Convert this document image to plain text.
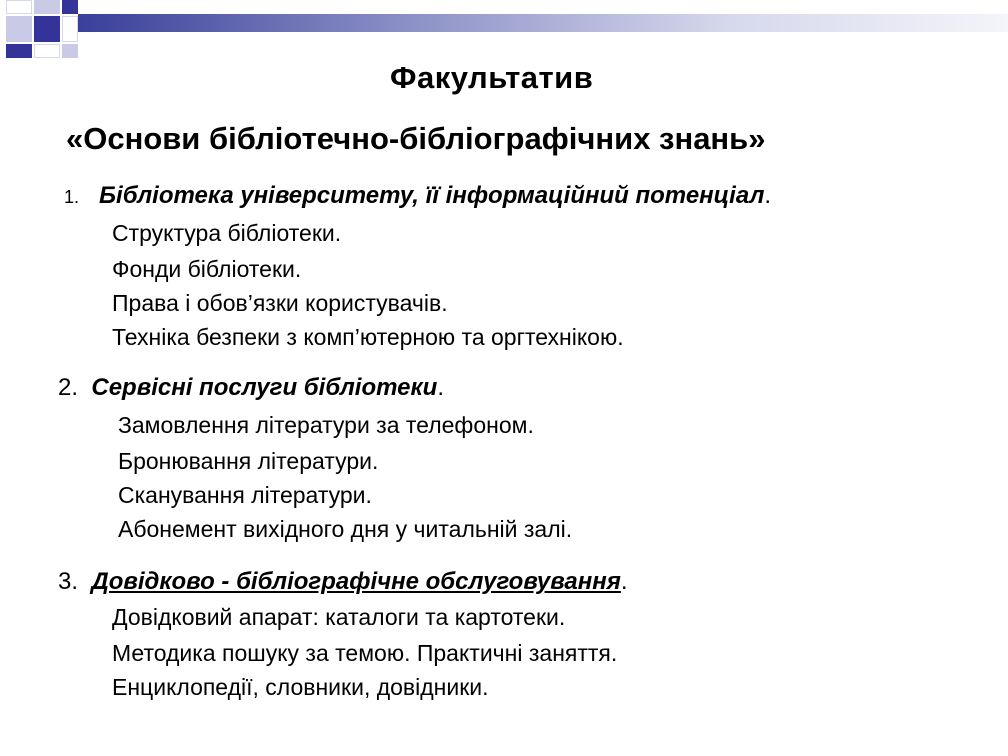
Факультатив
«Основи бібліотечно-бібліографічних знань»
1. Бібліотека університету, її інформаційний потенціал.
Структура бібліотеки.
Фонди бібліотеки.
Права і обов’язки користувачів.
Техніка безпеки з комп’ютерною та оргтехнікою.
2. Сервісні послуги бібліотеки.
Замовлення літератури за телефоном.
Бронювання літератури.
Сканування літератури.
Абонемент вихідного дня у читальній залі.
3. Довідково - бібліографічне обслуговування.
Довідковий апарат: каталоги та картотеки.
Методика пошуку за темою. Практичні заняття.
Енциклопедії, словники, довідники.
